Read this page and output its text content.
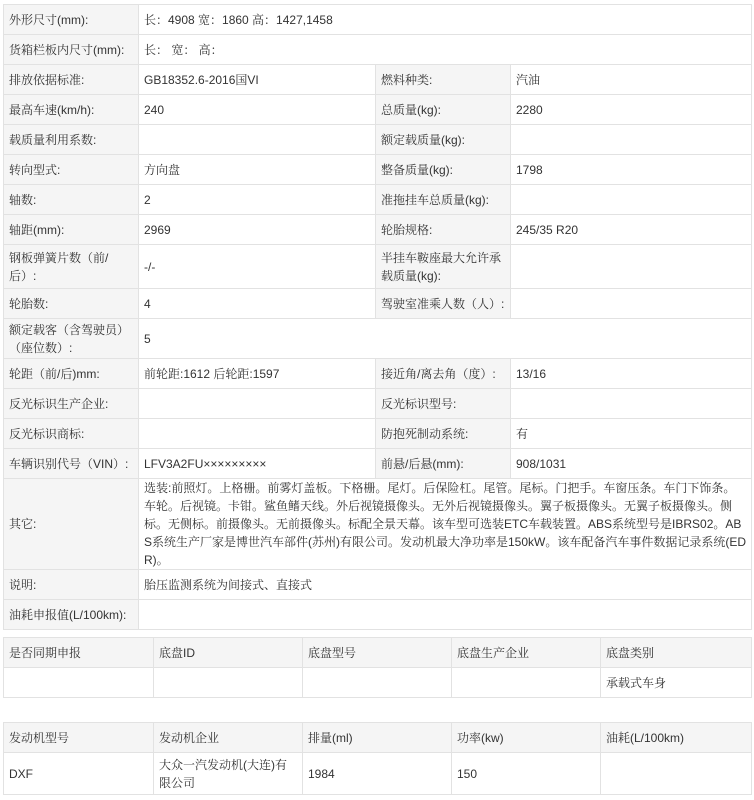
外形尺寸(mm):	长：4908 宽：1860 高：1427,1458		
货箱栏板内尺寸(mm):	长： 宽： 高：		
排放依据标准:	GB18352.6-2016国VI	燃料种类:	汽油
最高车速(km/h):	240	总质量(kg):	2280
载质量利用系数:		额定载质量(kg):	
转向型式:	方向盘	整备质量(kg):	1798
轴数:	2	准拖挂车总质量(kg):	
轴距(mm):	2969	轮胎规格:	245/35 R20
钢板弹簧片数（前/后）:	-/-	半挂车鞍座最大允许承载质量(kg):	
轮胎数:	4	驾驶室准乘人数（人）:	
额定载客（含驾驶员）（座位数）:	5		
轮距（前/后)mm:	前轮距:1612 后轮距:1597	接近角/离去角（度）:	13/16
反光标识生产企业:		反光标识型号:	
反光标识商标:		防抱死制动系统:	有
车辆识别代号（VIN）:	LFV3A2FU×××××××××	前悬/后悬(mm):	908/1031
其它:	选装:前照灯。上格栅。前雾灯盖板。下格栅。尾灯。后保险杠。尾管。尾标。门把手。车窗压条。车门下饰条。车轮。后视镜。卡钳。鲨鱼鳍天线。外后视镜摄像头。无外后视镜摄像头。翼子板摄像头。无翼子板摄像头。侧标。无侧标。前摄像头。无前摄像头。标配全景天幕。该车型可选装ETC车载装置。ABS系统型号是IBRS02。ABS系统生产厂家是博世汽车部件(苏州)有限公司。发动机最大净功率是150kW。该车配备汽车事件数据记录系统(EDR)。		
说明:	胎压监测系统为间接式、直接式		
油耗申报值(L/100km):			
是否同期申报	底盘ID	底盘型号	底盘生产企业	底盘类别
				承载式车身
发动机型号	发动机企业	排量(ml)	功率(kw)	油耗(L/100km)
DXF	大众一汽发动机(大连)有限公司	1984	150	
